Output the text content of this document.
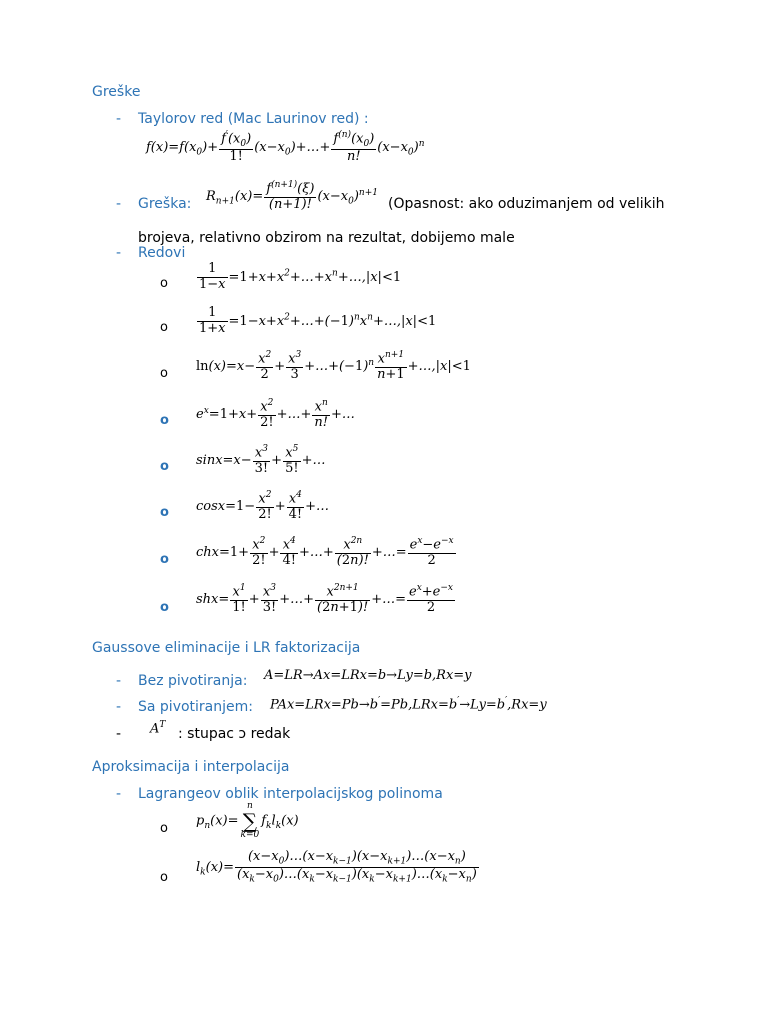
Greške
- Taylorov red (Mac Laurinov red) :
$f(x)=f(x_0)+ \frac{f'(x_0)}{1!}$ $(x-x_0)+\dots+ \frac{f^{(n)}(x_0)}{n!} (x-x_0)^n$
- Greška: $R_{n+1}(x)= \frac{f^{(n+1)}(\xi)}{(n+1)!} (x-x_0)^{n+1}$
(Opasnost: ako oduzimanjem od velikih
brojeva, relativno obzirom na rezultat, dobijemo male
- Redovi
o $\frac{1}{1-x}$ $=1+x+x^2+\dots+x^n+\dots,|x|<1$
o $\frac{1}{1+x}$ $=1-x+x^2+\dots+(-1)^nx^n+\dots,|x|<1$
o $\ln(x)=x- \frac{x^2}{2} + \frac{x^3}{3}$ $+\dots+(-1)^n \frac{x^{n+1}}{n+1}$ +…,|x|<1
o $e^x=1+x+ \frac{x^2}{2!}$ +…+ $\frac{x^n}{n!}$ +…
o $\sin x=x- \frac{x^3}{3!} + \frac{x^5}{5!}$ +…
o $\cos x=1- \frac{x^2}{2!} + \frac{x^4}{4!}$ +…
o $chx=1+ \frac{x^2}{2!} + \frac{x^4}{4!}$ +…+ $\frac{x^{2n}}{(2n)!}$ +…= $\frac{e^x-e^{-x}}{2}$
o
$shx= \frac{x^1}{1!} + \frac{x^3}{3!}$ +…+ $\frac{x^{2n+1}}{(2n+1)!}$ +…= $\frac{e^x+e^{-x}}{2}$
Gaussove eliminacije i LR faktorizacija
- Bez pivotiranja: A=LR→Ax=LRx=b→Ly=b,Rx=y
- Sa pivotiranjem: PAx=LRx=Pb→b′=Pb,LRx=b′→Ly=b′,Rx=y
- $A^T$
: stupac ↄ redak
Aproksimacija i interpolacija
- Lagrangeov oblik interpolacijskog polinoma
o $p_n(x)=$
n
∑
k=0
$f_kl_k(x)$
o
$l_k(x)= \frac{(x-x_0)\dots(x-x_{k-1})(x-x_{k+1})\dots(x-x_n)}{(x_k-x_0)\dots(x_k-x_{k-1})(x_k-x_{k+1})\dots(x_k-x_n)}$
